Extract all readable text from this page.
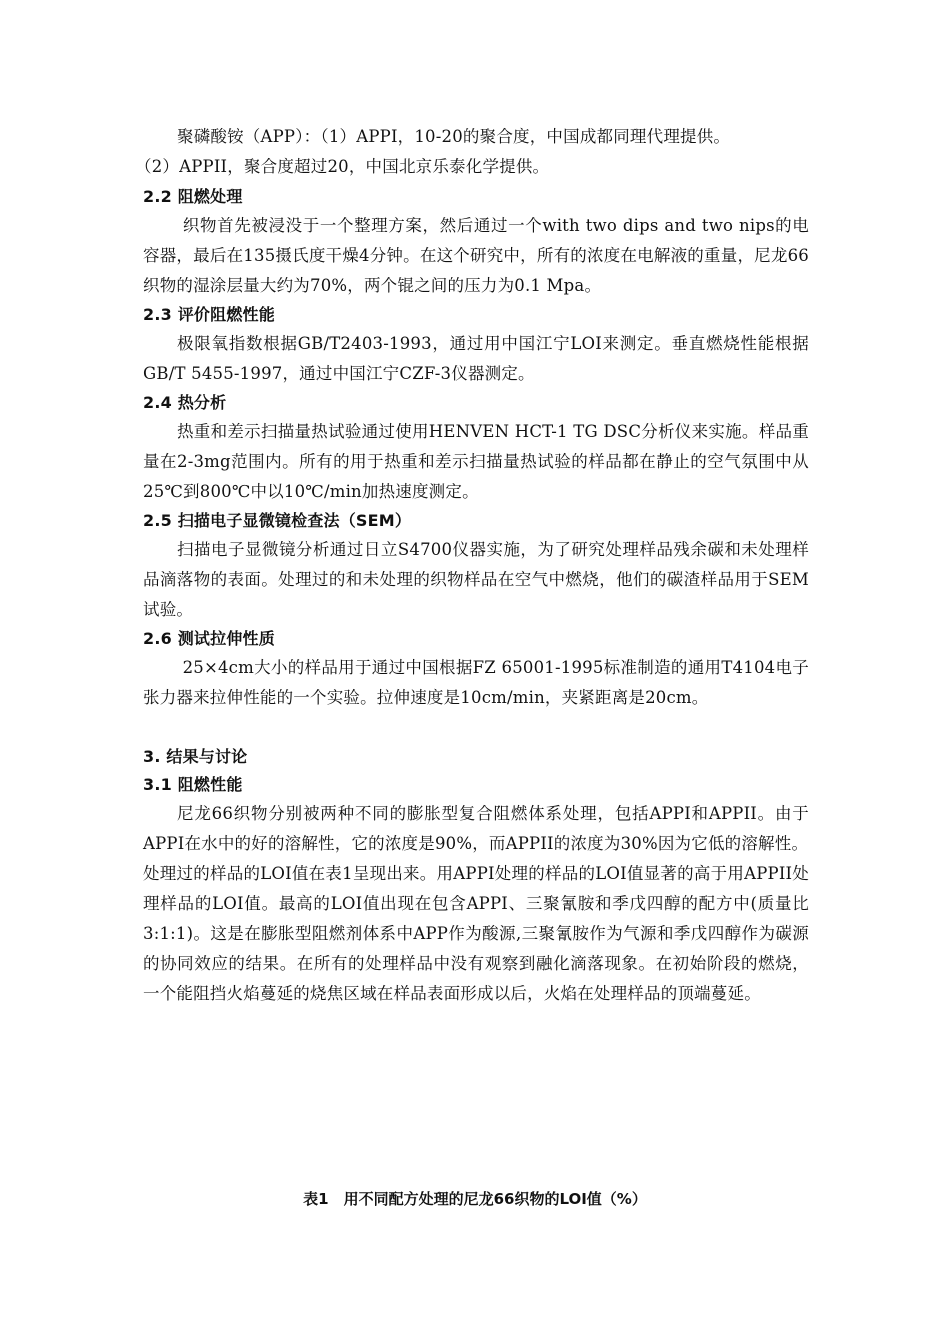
聚磷酸铵（APP）：（1）APPI，10-20的聚合度，中国成都同理代理提供。

（2）APPII，聚合度超过20，中国北京乐泰化学提供。

2.2 阻燃处理

织物首先被浸没于一个整理方案，然后通过一个with two dips and two nips的电容器，最后在135摄氏度干燥4分钟。在这个研究中，所有的浓度在电解液的重量，尼龙66织物的湿涂层量大约为70%，两个锟之间的压力为0.1 Mpa。

2.3 评价阻燃性能

极限氧指数根据GB/T2403-1993，通过用中国江宁LOI来测定。垂直燃烧性能根据GB/T 5455-1997，通过中国江宁CZF-3仪器测定。

2.4 热分析

热重和差示扫描量热试验通过使用HENVEN HCT-1 TG DSC分析仪来实施。样品重量在2-3mg范围内。所有的用于热重和差示扫描量热试验的样品都在静止的空气氛围中从25℃到800℃中以10℃/min加热速度测定。

2.5 扫描电子显微镜检查法（SEM）

扫描电子显微镜分析通过日立S4700仪器实施，为了研究处理样品残余碳和未处理样品滴落物的表面。处理过的和未处理的织物样品在空气中燃烧，他们的碳渣样品用于SEM试验。

2.6 测试拉伸性质

25×4cm大小的样品用于通过中国根据FZ 65001-1995标准制造的通用T4104电子张力器来拉伸性能的一个实验。拉伸速度是10cm/min，夹紧距离是20cm。

3. 结果与讨论

3.1 阻燃性能

尼龙66织物分别被两种不同的膨胀型复合阻燃体系处理，包括APPI和APPII。由于APPI在水中的好的溶解性，它的浓度是90%，而APPII的浓度为30%因为它低的溶解性。

处理过的样品的LOI值在表1呈现出来。用APPI处理的样品的LOI值显著的高于用APPII处理样品的LOI值。最高的LOI值出现在包含APPI、三聚氰胺和季戊四醇的配方中(质量比3:1:1)。这是在膨胀型阻燃剂体系中APP作为酸源,三聚氰胺作为气源和季戊四醇作为碳源的协同效应的结果。在所有的处理样品中没有观察到融化滴落现象。在初始阶段的燃烧，一个能阻挡火焰蔓延的烧焦区域在样品表面形成以后，火焰在处理样品的顶端蔓延。

表1　用不同配方处理的尼龙66织物的LOI值（%）
